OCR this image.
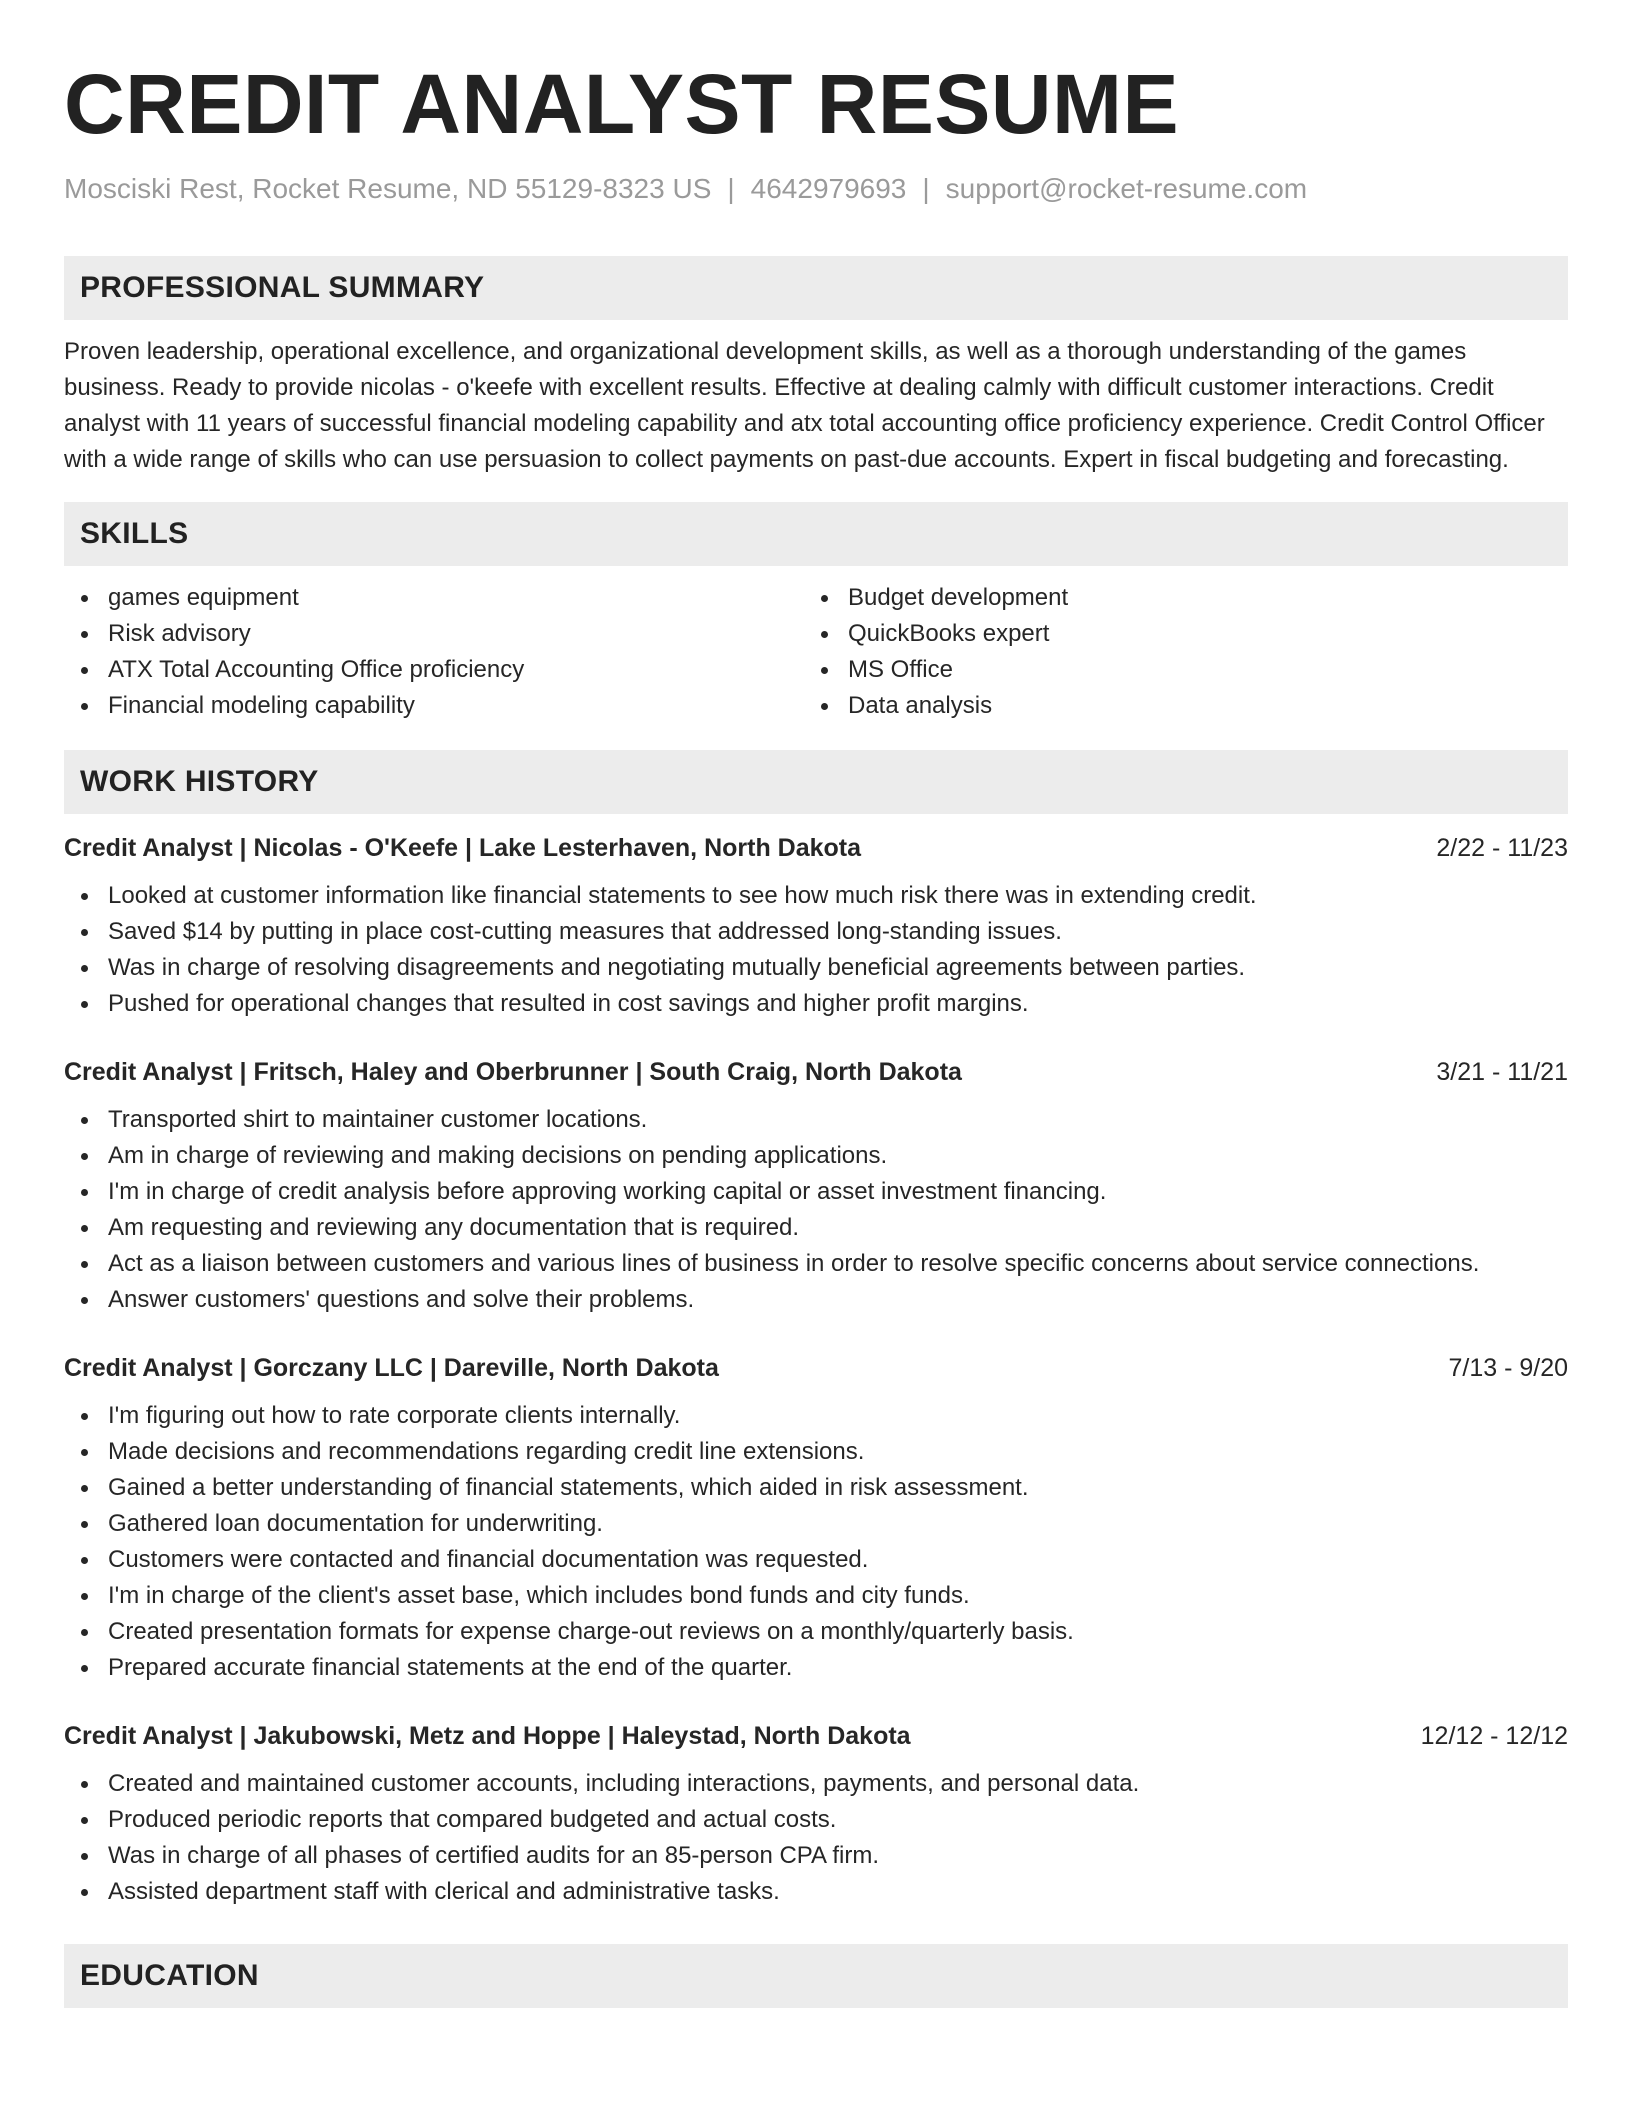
CREDIT ANALYST RESUME
Mosciski Rest, Rocket Resume, ND 55129-8323 US | 4642979693 | support@rocket-resume.com
PROFESSIONAL SUMMARY

Proven leadership, operational excellence, and organizational development skills, as well as a thorough understanding of the games business. Ready to provide nicolas - o'keefe with excellent results. Effective at dealing calmly with difficult customer interactions. Credit analyst with 11 years of successful financial modeling capability and atx total accounting office proficiency experience. Credit Control Officer with a wide range of skills who can use persuasion to collect payments on past-due accounts. Expert in fiscal budgeting and forecasting.

SKILLS
games equipment
Risk advisory
ATX Total Accounting Office proficiency
Financial modeling capability
Budget development
QuickBooks expert
MS Office
Data analysis
WORK HISTORY
Credit Analyst | Nicolas - O'Keefe | Lake Lesterhaven, North Dakota	2/22 - 11/23
Looked at customer information like financial statements to see how much risk there was in extending credit.
Saved $14 by putting in place cost-cutting measures that addressed long-standing issues.
Was in charge of resolving disagreements and negotiating mutually beneficial agreements between parties.
Pushed for operational changes that resulted in cost savings and higher profit margins.
Credit Analyst | Fritsch, Haley and Oberbrunner | South Craig, North Dakota	3/21 - 11/21
Transported shirt to maintainer customer locations.
Am in charge of reviewing and making decisions on pending applications.
I'm in charge of credit analysis before approving working capital or asset investment financing.
Am requesting and reviewing any documentation that is required.
Act as a liaison between customers and various lines of business in order to resolve specific concerns about service connections.
Answer customers' questions and solve their problems.
Credit Analyst | Gorczany LLC | Dareville, North Dakota	7/13 - 9/20
I'm figuring out how to rate corporate clients internally.
Made decisions and recommendations regarding credit line extensions.
Gained a better understanding of financial statements, which aided in risk assessment.
Gathered loan documentation for underwriting.
Customers were contacted and financial documentation was requested.
I'm in charge of the client's asset base, which includes bond funds and city funds.
Created presentation formats for expense charge-out reviews on a monthly/quarterly basis.
Prepared accurate financial statements at the end of the quarter.
Credit Analyst | Jakubowski, Metz and Hoppe | Haleystad, North Dakota	12/12 - 12/12
Created and maintained customer accounts, including interactions, payments, and personal data.
Produced periodic reports that compared budgeted and actual costs.
Was in charge of all phases of certified audits for an 85-person CPA firm.
Assisted department staff with clerical and administrative tasks.
EDUCATION
